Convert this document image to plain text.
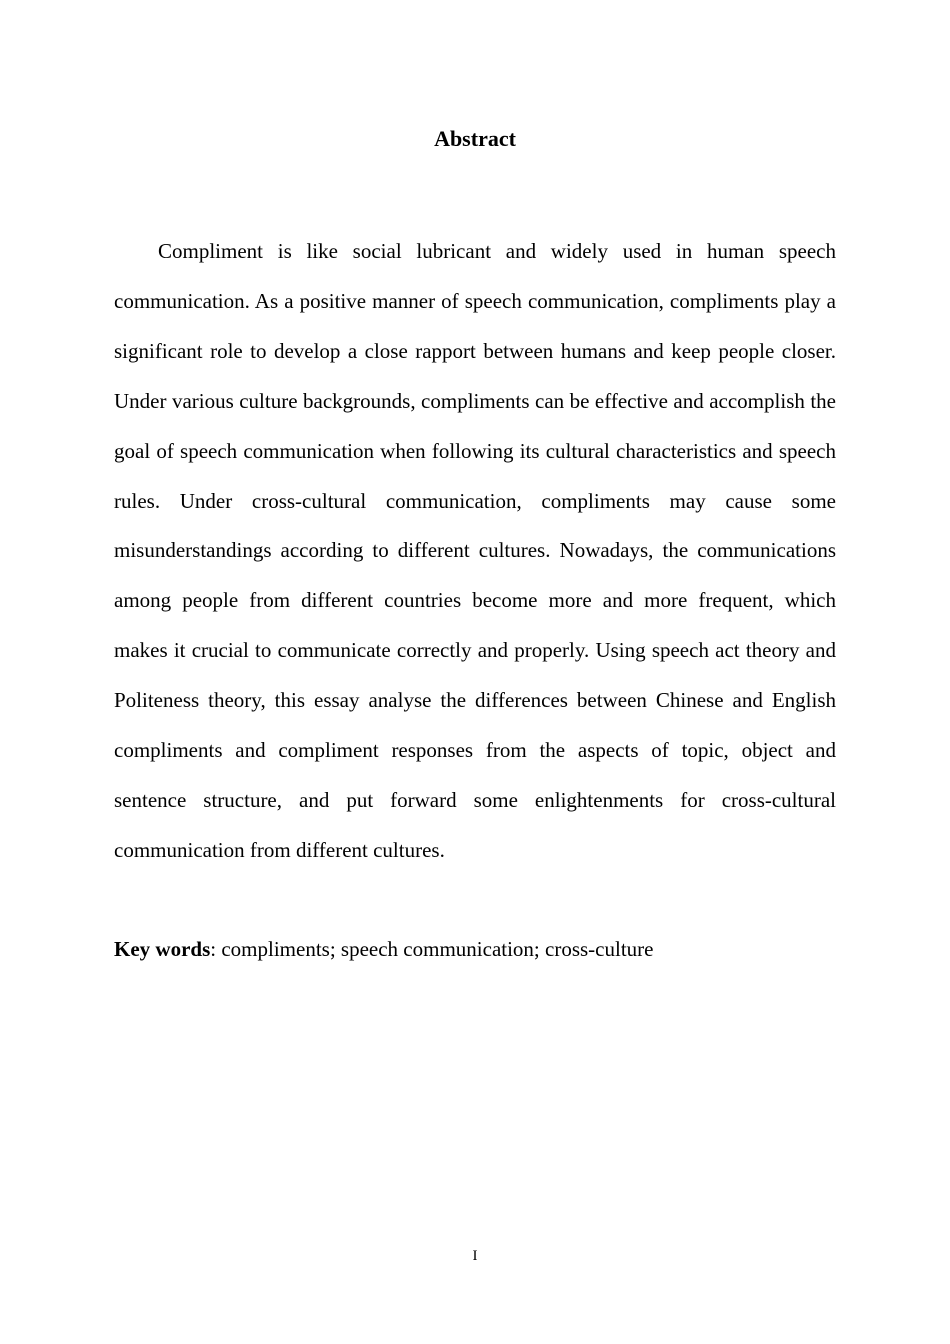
Abstract

Compliment is like social lubricant and widely used in human speech communication. As a positive manner of speech communication, compliments play a significant role to develop a close rapport between humans and keep people closer. Under various culture backgrounds, compliments can be effective and accomplish the goal of speech communication when following its cultural characteristics and speech rules. Under cross-cultural communication, compliments may cause some misunderstandings according to different cultures. Nowadays, the communications among people from different countries become more and more frequent, which makes it crucial to communicate correctly and properly. Using speech act theory and Politeness theory, this essay analyse the differences between Chinese and English compliments and compliment responses from the aspects of topic, object and sentence structure, and put forward some enlightenments for cross-cultural communication from different cultures.

Key words: compliments; speech communication; cross-culture

I
